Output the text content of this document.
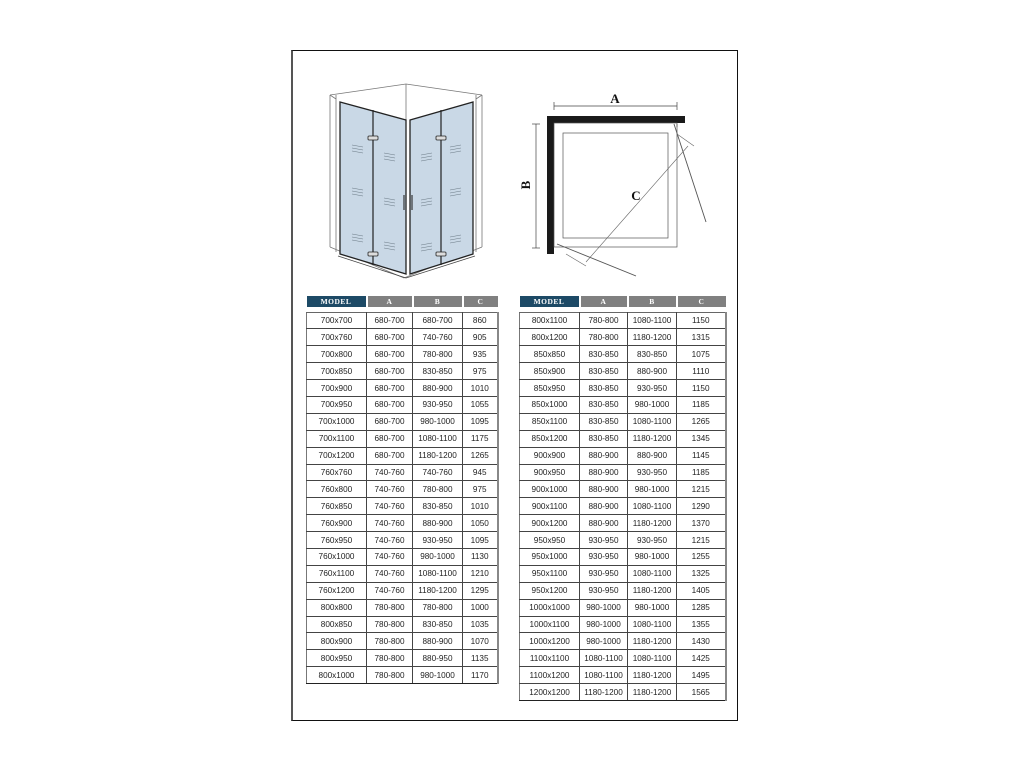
A
B
C
MODEL	A	B	C

700x700	680-700	680-700	860
700x760	680-700	740-760	905
700x800	680-700	780-800	935
700x850	680-700	830-850	975
700x900	680-700	880-900	1010
700x950	680-700	930-950	1055
700x1000	680-700	980-1000	1095
700x1100	680-700	1080-1100	1175
700x1200	680-700	1180-1200	1265
760x760	740-760	740-760	945
760x800	740-760	780-800	975
760x850	740-760	830-850	1010
760x900	740-760	880-900	1050
760x950	740-760	930-950	1095
760x1000	740-760	980-1000	1130
760x1100	740-760	1080-1100	1210
760x1200	740-760	1180-1200	1295
800x800	780-800	780-800	1000
800x850	780-800	830-850	1035
800x900	780-800	880-900	1070
800x950	780-800	880-950	1135
800x1000	780-800	980-1000	1170
MODEL	A	B	C

800x1100	780-800	1080-1100	1150
800x1200	780-800	1180-1200	1315
850x850	830-850	830-850	1075
850x900	830-850	880-900	1110
850x950	830-850	930-950	1150
850x1000	830-850	980-1000	1185
850x1100	830-850	1080-1100	1265
850x1200	830-850	1180-1200	1345
900x900	880-900	880-900	1145
900x950	880-900	930-950	1185
900x1000	880-900	980-1000	1215
900x1100	880-900	1080-1100	1290
900x1200	880-900	1180-1200	1370
950x950	930-950	930-950	1215
950x1000	930-950	980-1000	1255
950x1100	930-950	1080-1100	1325
950x1200	930-950	1180-1200	1405
1000x1000	980-1000	980-1000	1285
1000x1100	980-1000	1080-1100	1355
1000x1200	980-1000	1180-1200	1430
1100x1100	1080-1100	1080-1100	1425
1100x1200	1080-1100	1180-1200	1495
1200x1200	1180-1200	1180-1200	1565
